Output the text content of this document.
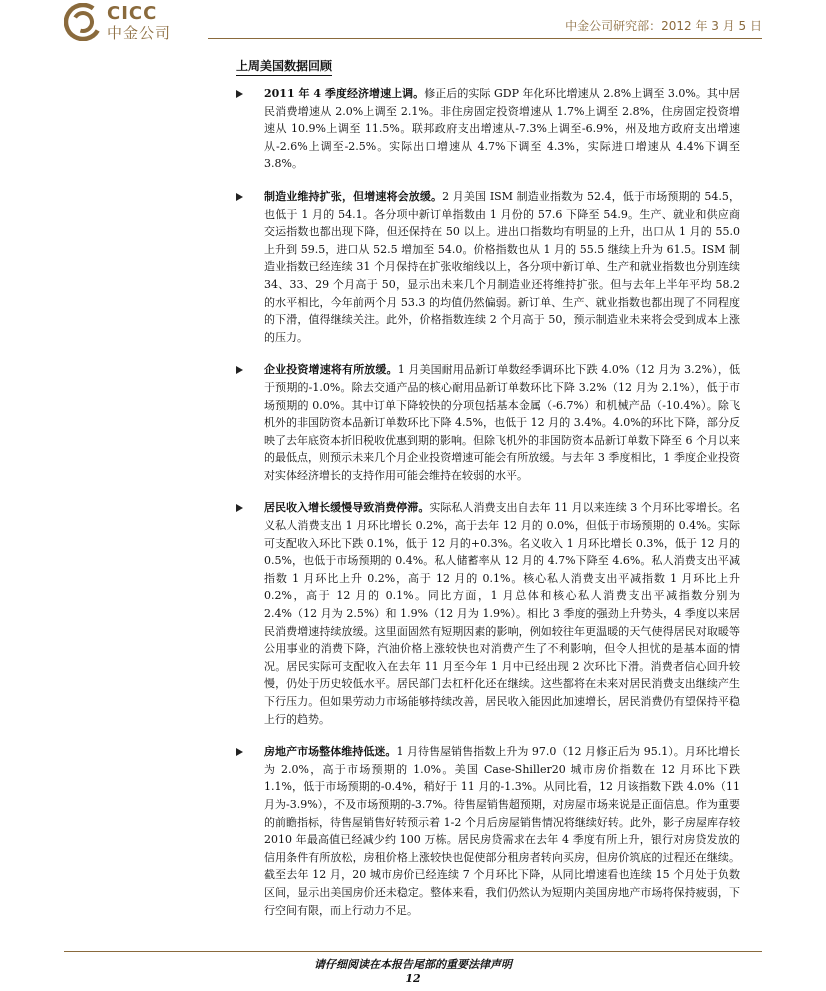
CICC
中金公司	中金公司研究部：2012 年 3 月 5 日
上周美国数据回顾
2011 年 4 季度经济增速上调。修正后的实际 GDP 年化环比增速从 2.8%上调至 3.0%。其中居民消费增速从 2.0%上调至 2.1%。非住房固定投资增速从 1.7%上调至 2.8%，住房固定投资增速从 10.9%上调至 11.5%。联邦政府支出增速从-7.3%上调至-6.9%，州及地方政府支出增速从-2.6%上调至-2.5%。实际出口增速从 4.7%下调至 4.3%，实际进口增速从 4.4%下调至 3.8%。
制造业维持扩张，但增速将会放缓。2 月美国 ISM 制造业指数为 52.4，低于市场预期的 54.5，也低于 1 月的 54.1。各分项中新订单指数由 1 月份的 57.6 下降至 54.9。生产、就业和供应商交运指数也都出现下降，但还保持在 50 以上。进出口指数均有明显的上升，出口从 1 月的 55.0 上升到 59.5，进口从 52.5 增加至 54.0。价格指数也从 1 月的 55.5 继续上升为 61.5。ISM 制造业指数已经连续 31 个月保持在扩张收缩线以上，各分项中新订单、生产和就业指数也分别连续 34、33、29 个月高于 50，显示出未来几个月制造业还将维持扩张。但与去年上半年平均 58.2 的水平相比，今年前两个月 53.3 的均值仍然偏弱。新订单、生产、就业指数也都出现了不同程度的下滑，值得继续关注。此外，价格指数连续 2 个月高于 50，预示制造业未来将会受到成本上涨的压力。
企业投资增速将有所放缓。1 月美国耐用品新订单数经季调环比下跌 4.0%（12 月为 3.2%），低于预期的-1.0%。除去交通产品的核心耐用品新订单数环比下降 3.2%（12 月为 2.1%），低于市场预期的 0.0%。其中订单下降较快的分项包括基本金属（-6.7%）和机械产品（-10.4%）。除飞机外的非国防资本品新订单数环比下降 4.5%，也低于 12 月的 3.4%。4.0%的环比下降，部分反映了去年底资本折旧税收优惠到期的影响。但除飞机外的非国防资本品新订单数下降至 6 个月以来的最低点，则预示未来几个月企业投资增速可能会有所放缓。与去年 3 季度相比，1 季度企业投资对实体经济增长的支持作用可能会维持在较弱的水平。
居民收入增长缓慢导致消费停滞。实际私人消费支出自去年 11 月以来连续 3 个月环比零增长。名义私人消费支出 1 月环比增长 0.2%，高于去年 12 月的 0.0%，但低于市场预期的 0.4%。实际可支配收入环比下跌 0.1%，低于 12 月的+0.3%。名义收入 1 月环比增长 0.3%，低于 12 月的 0.5%，也低于市场预期的 0.4%。私人储蓄率从 12 月的 4.7%下降至 4.6%。私人消费支出平减指数 1 月环比上升 0.2%，高于 12 月的 0.1%。核心私人消费支出平减指数 1 月环比上升 0.2%，高于 12 月的 0.1%。同比方面，1 月总体和核心私人消费支出平减指数分别为 2.4%（12 月为 2.5%）和 1.9%（12 月为 1.9%）。相比 3 季度的强劲上升势头，4 季度以来居民消费增速持续放缓。这里面固然有短期因素的影响，例如较往年更温暖的天气使得居民对取暖等公用事业的消费下降，汽油价格上涨较快也对消费产生了不利影响，但令人担忧的是基本面的情况。居民实际可支配收入在去年 11 月至今年 1 月中已经出现 2 次环比下滑。消费者信心回升较慢，仍处于历史较低水平。居民部门去杠杆化还在继续。这些都将在未来对居民消费支出继续产生下行压力。但如果劳动力市场能够持续改善，居民收入能因此加速增长，居民消费仍有望保持平稳上行的趋势。
房地产市场整体维持低迷。1 月待售屋销售指数上升为 97.0（12 月修正后为 95.1）。月环比增长为 2.0%，高于市场预期的 1.0%。美国 Case-Shiller20 城市房价指数在 12 月环比下跌 1.1%，低于市场预期的-0.4%，稍好于 11 月的-1.3%。从同比看，12 月该指数下跌 4.0%（11 月为-3.9%），不及市场预期的-3.7%。待售屋销售超预期，对房屋市场来说是正面信息。作为重要的前瞻指标，待售屋销售好转预示着 1-2 个月后房屋销售情况将继续好转。此外，影子房屋库存较 2010 年最高值已经减少约 100 万栋。居民房贷需求在去年 4 季度有所上升，银行对房贷发放的信用条件有所放松，房租价格上涨较快也促使部分租房者转向买房，但房价筑底的过程还在继续。截至去年 12 月，20 城市房价已经连续 7 个月环比下降，从同比增速看也连续 15 个月处于负数区间，显示出美国房价还未稳定。整体来看，我们仍然认为短期内美国房地产市场将保持疲弱，下行空间有限，而上行动力不足。
请仔细阅读在本报告尾部的重要法律声明
12
